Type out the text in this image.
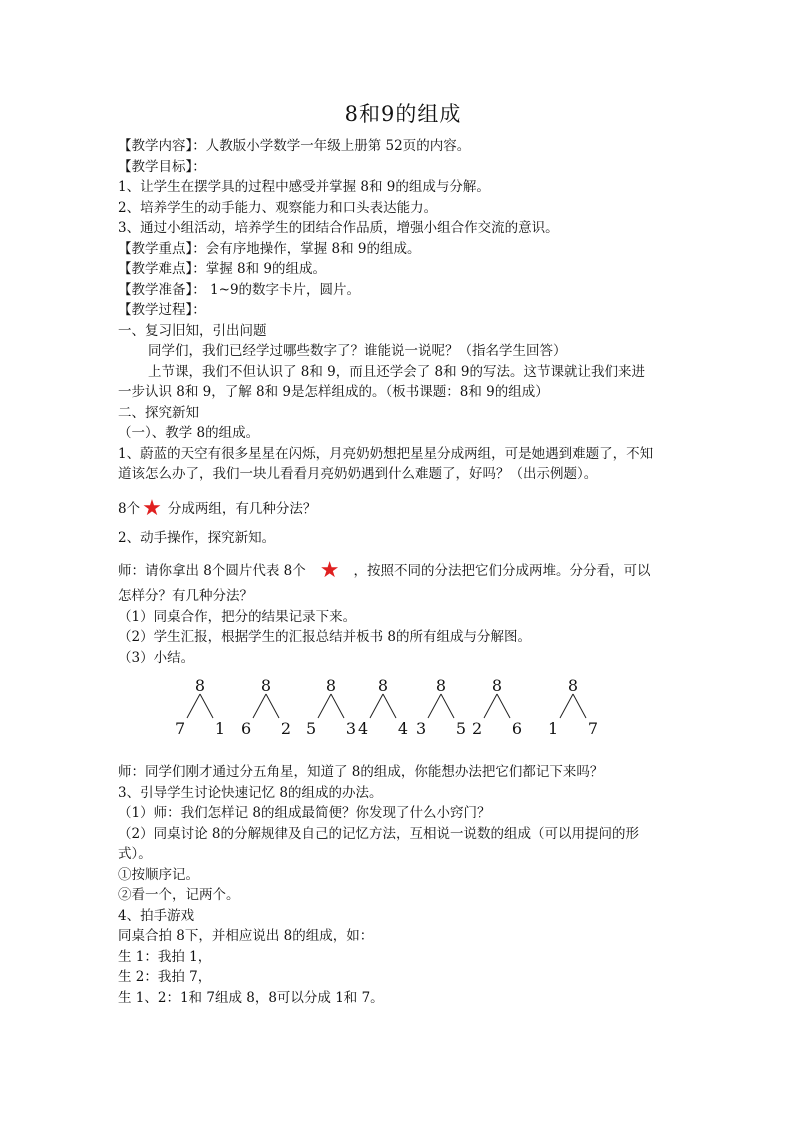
8和9的组成
【教学内容】：人教版小学数学一年级上册第 52页的内容。
【教学目标】：
1、让学生在摆学具的过程中感受并掌握 8和 9的组成与分解。
2、培养学生的动手能力、观察能力和口头表达能力。
3、通过小组活动，培养学生的团结合作品质，增强小组合作交流的意识。
【教学重点】：会有序地操作，掌握 8和 9的组成。
【教学难点】：掌握 8和 9的组成。
【教学准备】： 1~9的数字卡片，圆片。
【教学过程】：
一、复习旧知，引出问题
同学们，我们已经学过哪些数字了？谁能说一说呢？（指名学生回答）
上节课，我们不但认识了 8和 9，而且还学会了 8和 9的写法。这节课就让我们来进
一步认识 8和 9，了解 8和 9是怎样组成的。（板书课题：8和 9的组成）
二、探究新知
（一）、教学 8的组成。
1、蔚蓝的天空有很多星星在闪烁，月亮奶奶想把星星分成两组，可是她遇到难题了，不知
道该怎么办了，我们一块儿看看月亮奶奶遇到什么难题了，好吗？（出示例题）。
8个 ★ 分成两组，有几种分法？
2、动手操作，探究新知。
师：请你拿出 8个圆片代表 8个 ★ ，按照不同的分法把它们分成两堆。分分看，可以
怎样分？有几种分法？
（1）同桌合作，把分的结果记录下来。
（2）学生汇报，根据学生的汇报总结并板书 8的所有组成与分解图。
（3）小结。
8
7 1
8
6 2
8
5 3
8
4 4
8
3 5
8
2 6
8
1 7
师：同学们刚才通过分五角星，知道了 8的组成，你能想办法把它们都记下来吗？
3、引导学生讨论快速记忆 8的组成的办法。
（1）师：我们怎样记 8的组成最简便？你发现了什么小窍门？
（2）同桌讨论 8的分解规律及自己的记忆方法，互相说一说数的组成（可以用提问的形
式）。
①按顺序记。
②看一个，记两个。
4、拍手游戏
同桌合拍 8下，并相应说出 8的组成，如：
生 1：我拍 1，
生 2：我拍 7，
生 1、2：1和 7组成 8，8可以分成 1和 7。
